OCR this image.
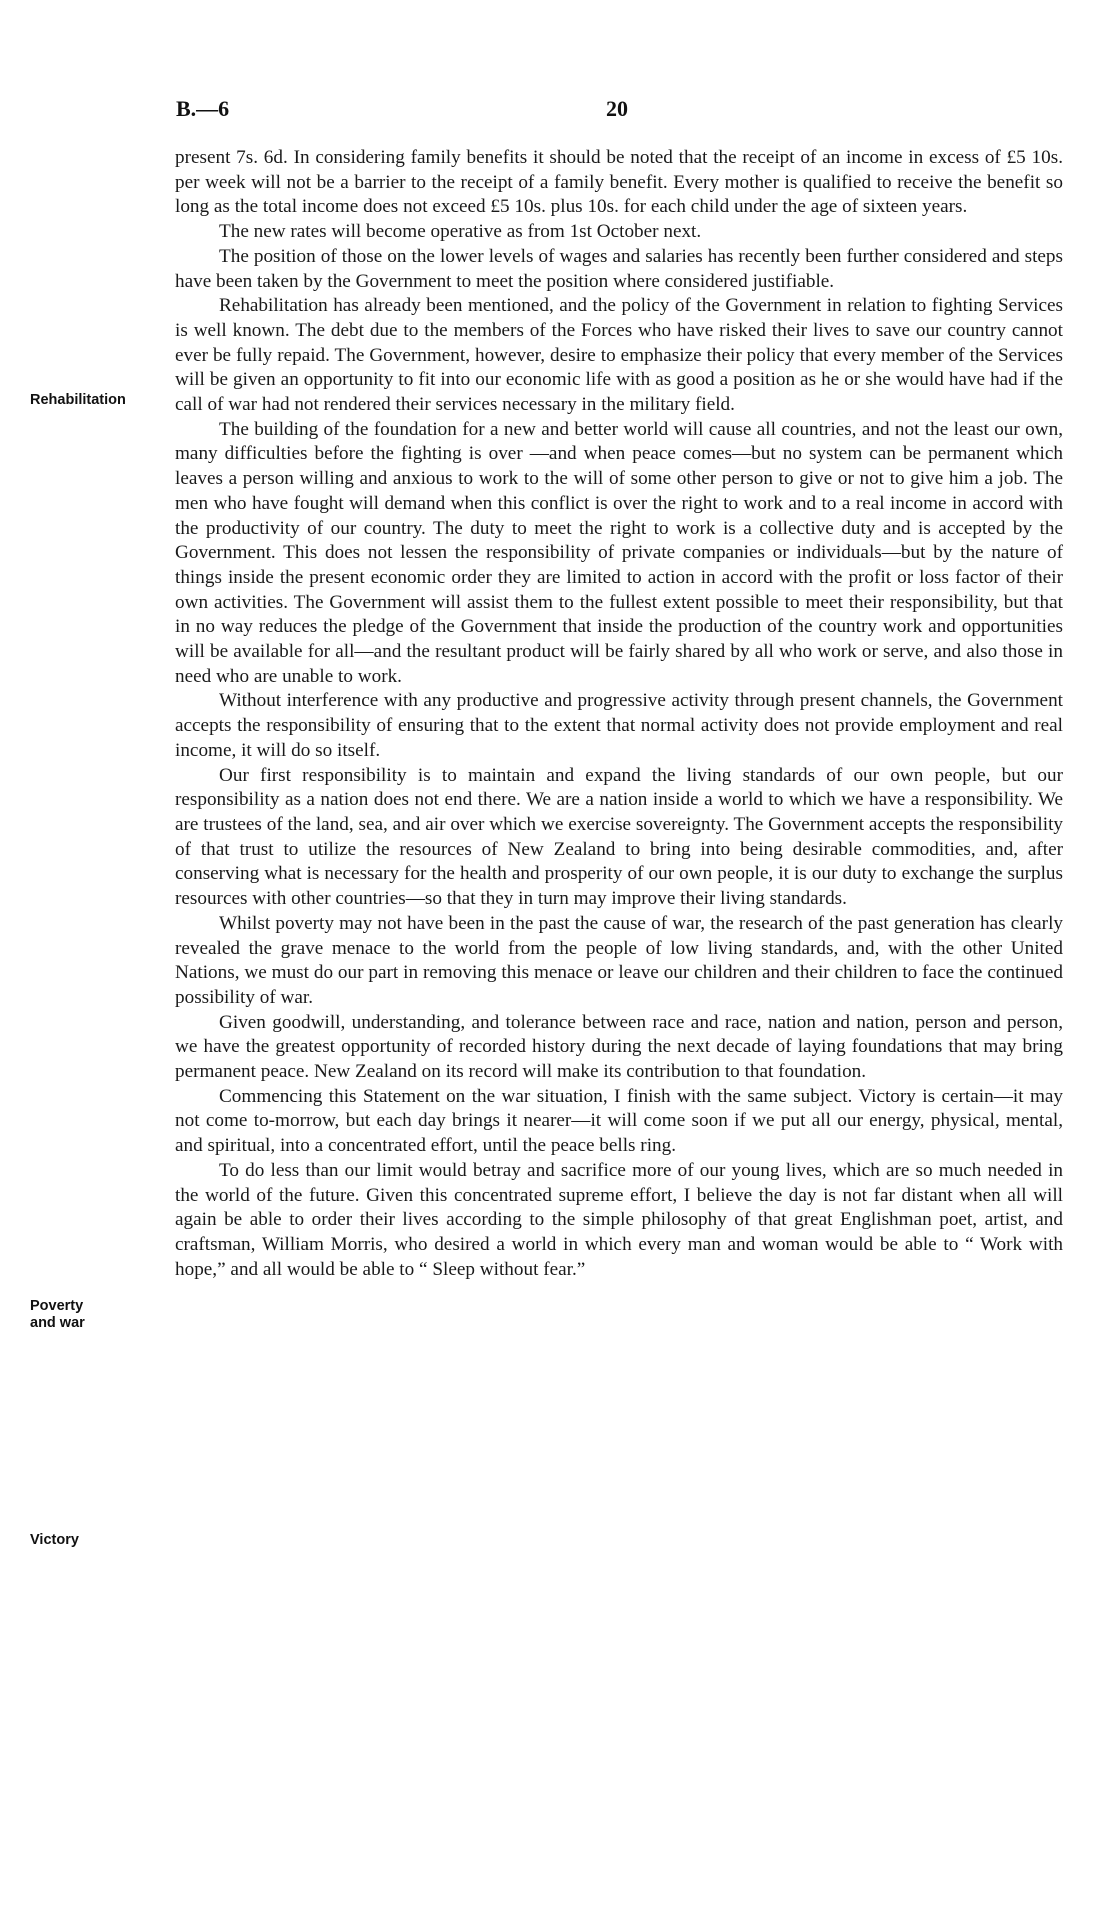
B.—6	20
Rehabilitation
Poverty
and war
Victory

present 7s. 6d. In considering family benefits it should be noted that the receipt of an income in excess of £5 10s. per week will not be a barrier to the receipt of a family benefit. Every mother is qualified to receive the benefit so long as the total income does not exceed £5 10s. plus 10s. for each child under the age of sixteen years.

The new rates will become operative as from 1st October next.

The position of those on the lower levels of wages and salaries has recently been further considered and steps have been taken by the Government to meet the position where considered justifiable.

Rehabilitation has already been mentioned, and the policy of the Government in relation to fighting Services is well known. The debt due to the members of the Forces who have risked their lives to save our country cannot ever be fully repaid. The Government, however, desire to emphasize their policy that every member of the Services will be given an opportunity to fit into our economic life with as good a position as he or she would have had if the call of war had not rendered their services necessary in the military field.

The building of the foundation for a new and better world will cause all countries, and not the least our own, many difficulties before the fighting is over —and when peace comes—but no system can be permanent which leaves a person willing and anxious to work to the will of some other person to give or not to give him a job. The men who have fought will demand when this conflict is over the right to work and to a real income in accord with the productivity of our country. The duty to meet the right to work is a collective duty and is accepted by the Government. This does not lessen the responsibility of private companies or individuals—but by the nature of things inside the present economic order they are limited to action in accord with the profit or loss factor of their own activities. The Government will assist them to the fullest extent possible to meet their responsibility, but that in no way reduces the pledge of the Government that inside the production of the country work and opportunities will be available for all—and the resultant product will be fairly shared by all who work or serve, and also those in need who are unable to work.

Without interference with any productive and progressive activity through present channels, the Government accepts the responsibility of ensuring that to the extent that normal activity does not provide employment and real income, it will do so itself.

Our first responsibility is to maintain and expand the living standards of our own people, but our responsibility as a nation does not end there. We are a nation inside a world to which we have a responsibility. We are trustees of the land, sea, and air over which we exercise sovereignty. The Government accepts the responsibility of that trust to utilize the resources of New Zealand to bring into being desirable commodities, and, after conserving what is necessary for the health and prosperity of our own people, it is our duty to exchange the surplus resources with other countries—so that they in turn may improve their living standards.

Whilst poverty may not have been in the past the cause of war, the research of the past generation has clearly revealed the grave menace to the world from the people of low living standards, and, with the other United Nations, we must do our part in removing this menace or leave our children and their children to face the continued possibility of war.

Given goodwill, understanding, and tolerance between race and race, nation and nation, person and person, we have the greatest opportunity of recorded history during the next decade of laying foundations that may bring permanent peace. New Zealand on its record will make its contribution to that foundation.

Commencing this Statement on the war situation, I finish with the same subject. Victory is certain—it may not come to-morrow, but each day brings it nearer—it will come soon if we put all our energy, physical, mental, and spiritual, into a concentrated effort, until the peace bells ring.

To do less than our limit would betray and sacrifice more of our young lives, which are so much needed in the world of the future. Given this concentrated supreme effort, I believe the day is not far distant when all will again be able to order their lives according to the simple philosophy of that great Englishman poet, artist, and craftsman, William Morris, who desired a world in which every man and woman would be able to “ Work with hope,” and all would be able to “ Sleep without fear.”
